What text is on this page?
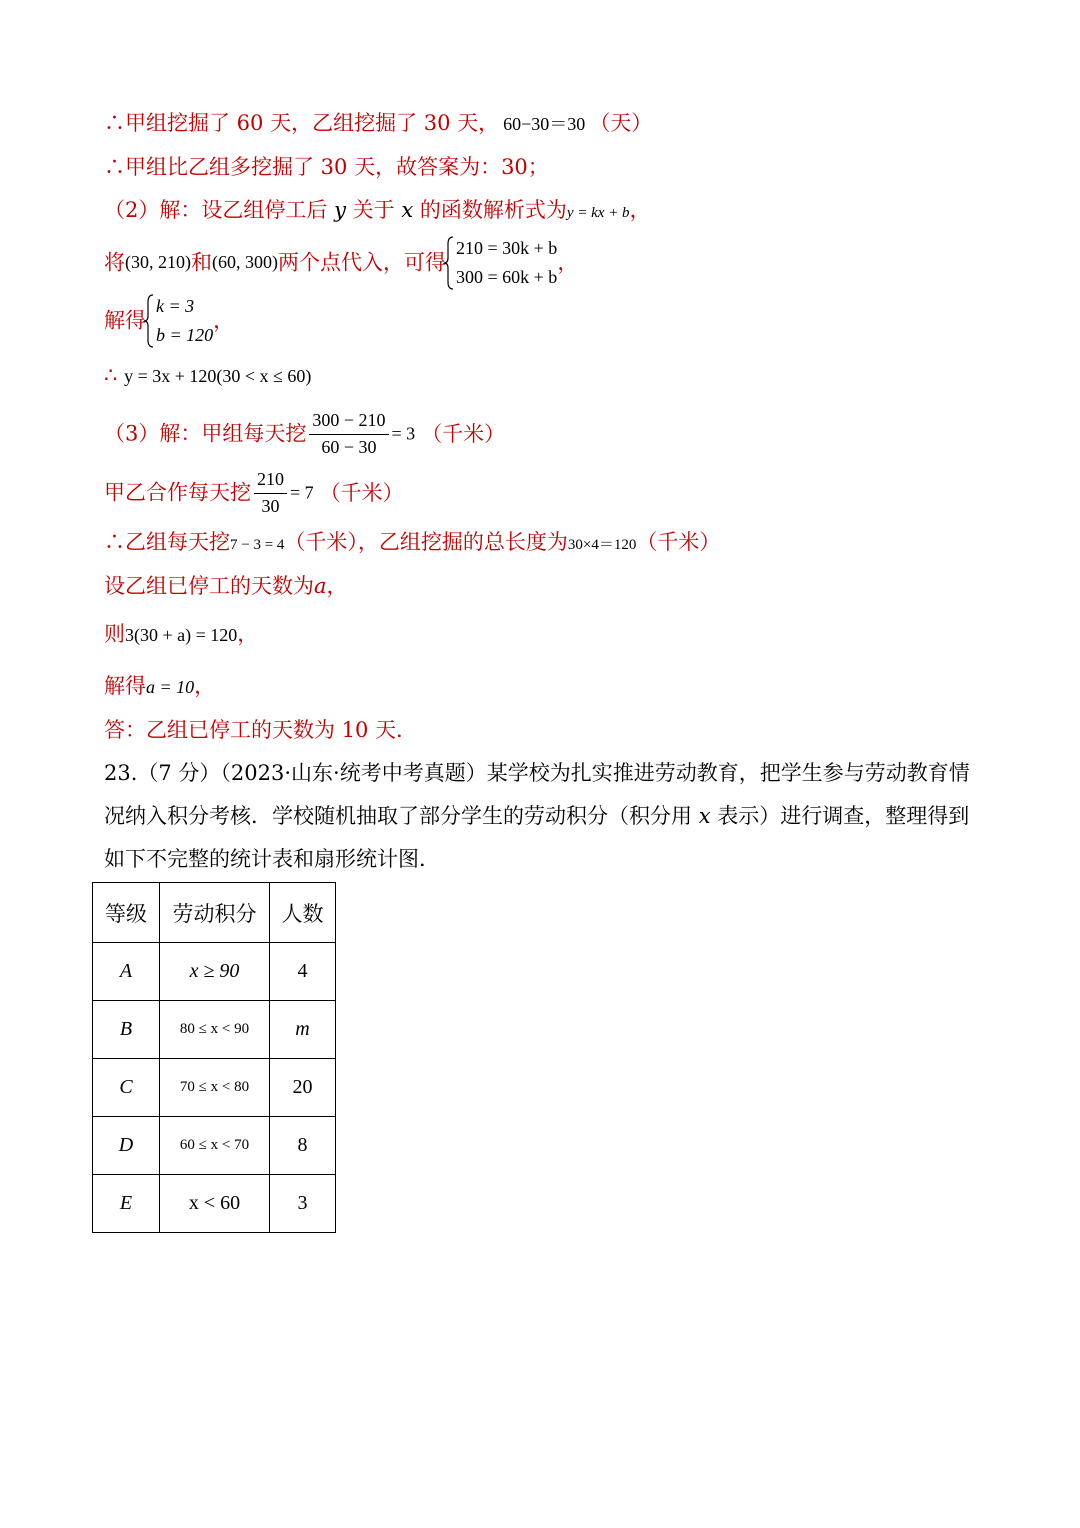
∴甲组挖掘了 60 天，乙组挖掘了 30 天， 60−30＝30 （天）
∴甲组比乙组多挖掘了 30 天，故答案为：30；
（2）解：设乙组停工后 y 关于 x 的函数解析式为y = kx + b，
将(30, 210)和(60, 300)两个点代入，可得
210 = 30k + b
300 = 60k + b
，
解得
k = 3
b = 120
，
∴ y = 3x + 120(30 < x ≤ 60)
（3）解：甲组每天挖 $\frac{300 - 210}{60 - 30} = 3$ （千米）
甲乙合作每天挖 $\frac{210}{30} = 7$ （千米）
∴乙组每天挖7 − 3 = 4（千米），乙组挖掘的总长度为30×4＝120（千米）
设乙组已停工的天数为a，
则3(30 + a) = 120，
解得a = 10，
答：乙组已停工的天数为 10 天．
23.（7 分）（2023·山东·统考中考真题）某学校为扎实推进劳动教育，把学生参与劳动教育情况纳入积分考核．学校随机抽取了部分学生的劳动积分（积分用 x 表示）进行调查，整理得到如下不完整的统计表和扇形统计图．
等级	劳动积分	人数
A	x ≥ 90	4
B	80 ≤ x < 90	m
C	70 ≤ x < 80	20
D	60 ≤ x < 70	8
E	x < 60	3
